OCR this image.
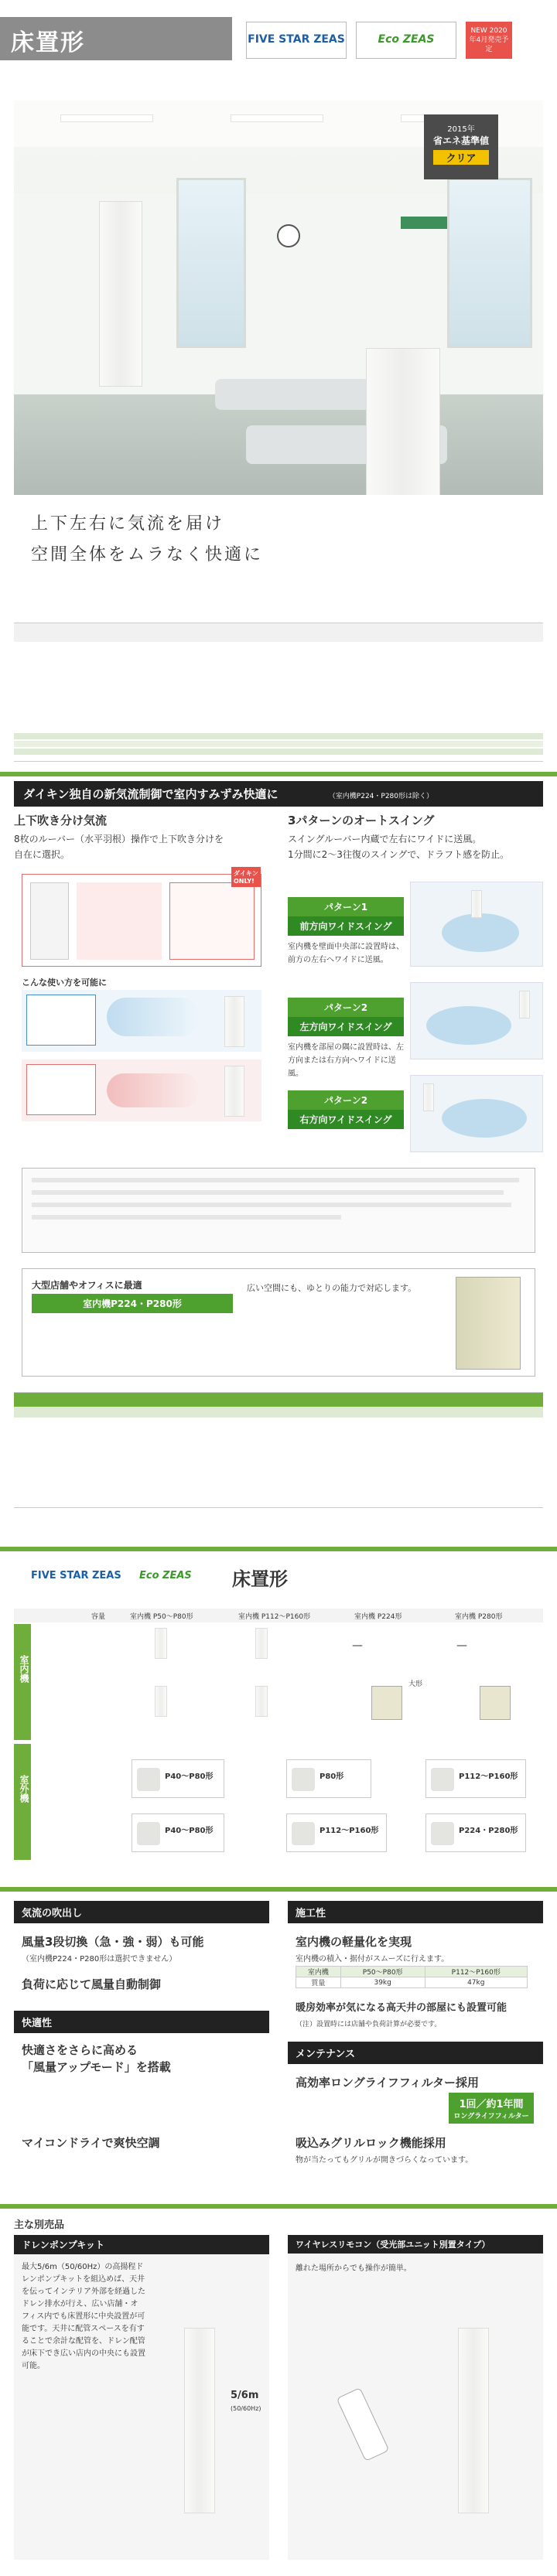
床置形	FIVE STAR ZEAS	Eco ZEAS
NEW 2020年4月発売予定
2015年
省エネ基準値
クリア
上下左右に気流を届け
空間全体をムラなく快適に
ダイキン独自の新気流制御で室内すみずみ快適に	（室内機P224・P280形は除く）
上下吹き分け気流
8枚のルーバー（水平羽根）操作で上下吹き分けを
自在に選択。
3パターンのオートスイング
スイングルーバー内蔵で左右にワイドに送風。
1分間に2〜3往復のスイングで、ドラフト感を防止。
ダイキンONLY!
こんな使い方を可能に
パターン1
前方向ワイドスイング
室内機を壁面中央部に設置時は、前方の左右へワイドに送風。
パターン2
左方向ワイドスイング
室内機を部屋の隅に設置時は、左方向または右方向へワイドに送風。
パターン2
右方向ワイドスイング
大型店舗やオフィスに最適
室内機P224・P280形
広い空間にも、ゆとりの能力で対応します。
FIVE STAR ZEAS Eco ZEAS 床置形
容量	室内機 P50〜P80形	室内機 P112〜P160形	室内機 P224形	室内機 P280形
室内機
室外機
—	—
大形
P40〜P80形	P80形	P112〜P160形
P40〜P80形	P112〜P160形	P224・P280形
気流の吹出し
風量3段切換（急・強・弱）も可能
（室内機P224・P280形は選択できません）
負荷に応じて風量自動制御
快適性
快適さをさらに高める
「風量アップモード」を搭載
マイコンドライで爽快空調
施工性
室内機の軽量化を実現
室内機の積入・据付がスムーズに行えます。
室内機	P50〜P80形	P112〜P160形
質量	39kg	47kg
暖房効率が気になる高天井の部屋にも設置可能
（注）設置時には店舗や負荷計算が必要です。
メンテナンス
高効率ロングライフフィルター採用
1回／約1年間
ロングライフフィルター
吸込みグリルロック機能採用
物が当たってもグリルが開きづらくなっています。
主な別売品
ドレンポンプキット
最大5/6m（50/60Hz）の高揚程ドレンポンプキットを組込めば、天井を伝ってインテリア外部を経過したドレン排水が行え、広い店舗・オフィス内でも床置形に中央設置が可能です。天井に配管スペースを有することで余計な配管を、ドレン配管が床下でき広い店内の中央にも設置可能。
5/6m
(50/60Hz)
ワイヤレスリモコン（受光部ユニット別置タイプ）
離れた場所からでも操作が簡単。
